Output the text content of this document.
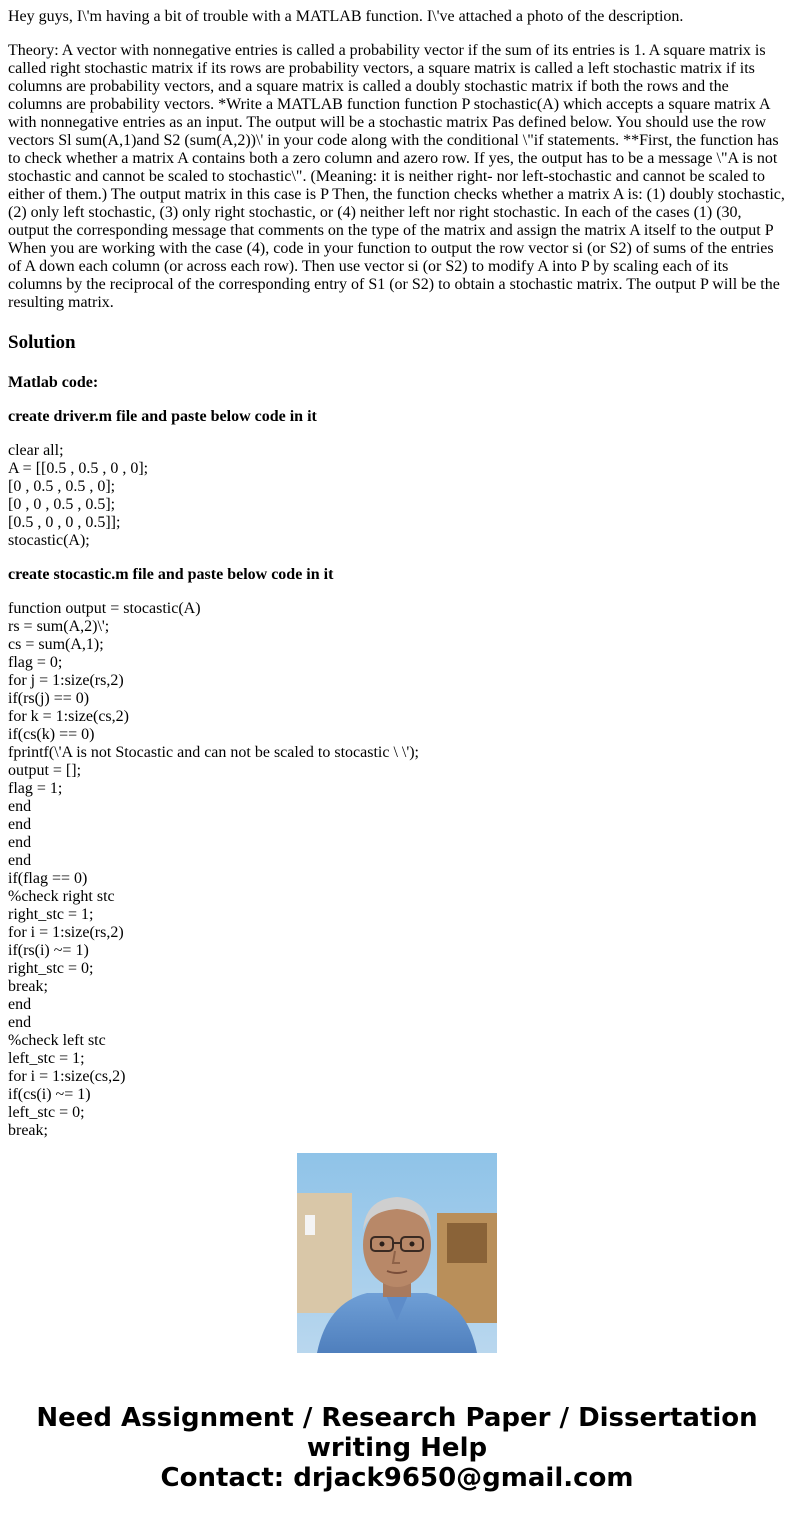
Hey guys, I\'m having a bit of trouble with a MATLAB function. I\'ve attached a photo of the description.

Theory: A vector with nonnegative entries is called a probability vector if the sum of its entries is 1. A square matrix is called right stochastic matrix if its rows are probability vectors, a square matrix is called a left stochastic matrix if its columns are probability vectors, and a square matrix is called a doubly stochastic matrix if both the rows and the columns are probability vectors. *Write a MATLAB function function P stochastic(A) which accepts a square matrix A with nonnegative entries as an input. The output will be a stochastic matrix Pas defined below. You should use the row vectors Sl sum(A,1)and S2 (sum(A,2))\' in your code along with the conditional \"if statements. **First, the function has to check whether a matrix A contains both a zero column and azero row. If yes, the output has to be a message \"A is not stochastic and cannot be scaled to stochastic\". (Meaning: it is neither right- nor left-stochastic and cannot be scaled to either of them.) The output matrix in this case is P Then, the function checks whether a matrix A is: (1) doubly stochastic, (2) only left stochastic, (3) only right stochastic, or (4) neither left nor right stochastic. In each of the cases (1) (30, output the corresponding message that comments on the type of the matrix and assign the matrix A itself to the output P When you are working with the case (4), code in your function to output the row vector si (or S2) of sums of the entries of A down each column (or across each row). Then use vector si (or S2) to modify A into P by scaling each of its columns by the reciprocal of the corresponding entry of S1 (or S2) to obtain a stochastic matrix. The output P will be the resulting matrix.

Solution

Matlab code:

create driver.m file and paste below code in it

clear all;
A = [[0.5 , 0.5 , 0 , 0];
[0 , 0.5 , 0.5 , 0];
[0 , 0 , 0.5 , 0.5];
[0.5 , 0 , 0 , 0.5]];
stocastic(A);

create stocastic.m file and paste below code in it

function output = stocastic(A)
rs = sum(A,2)\';
cs = sum(A,1);
flag = 0;
for j = 1:size(rs,2)
if(rs(j) == 0)
for k = 1:size(cs,2)
if(cs(k) == 0)
fprintf(\'A is not Stocastic and can not be scaled to stocastic \ \');
output = [];
flag = 1;
end
end
end
end
if(flag == 0)
%check right stc
right_stc = 1;
for i = 1:size(rs,2)
if(rs(i) ~= 1)
right_stc = 0;
break;
end
end
%check left stc
left_stc = 1;
for i = 1:size(cs,2)
if(cs(i) ~= 1)
left_stc = 0;
break;
Need Assignment / Research Paper / Dissertation
writing Help
Contact: drjack9650@gmail.com
